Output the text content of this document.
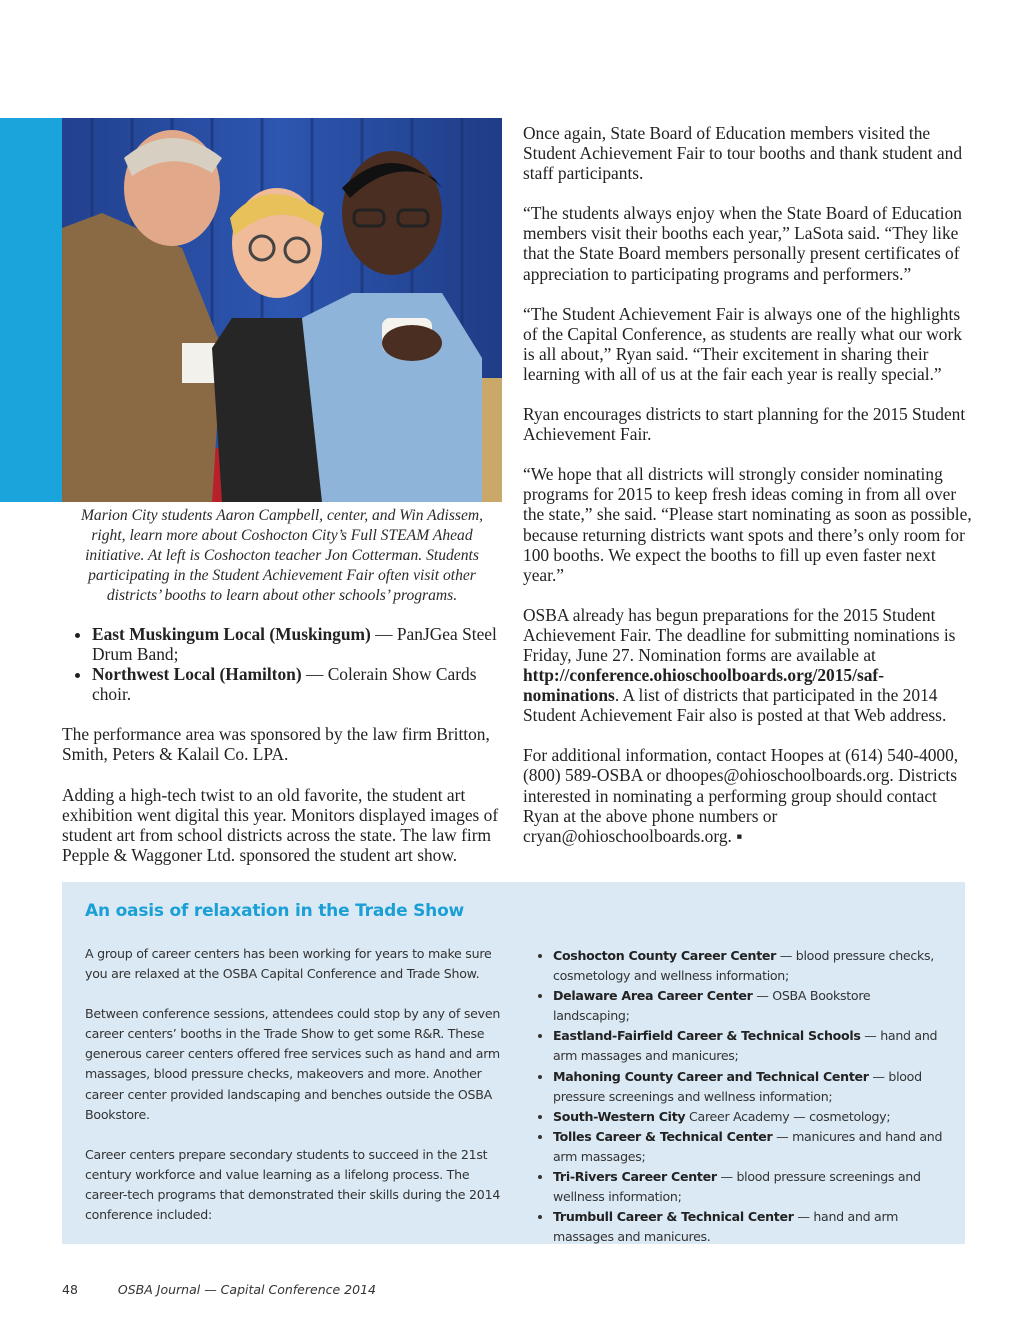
Marion City students Aaron Campbell, center, and Win Adissem, right, learn more about Coshocton City’s Full STEAM Ahead initiative. At left is Coshocton teacher Jon Cotterman. Students participating in the Student Achievement Fair often visit other districts’ booths to learn about other schools’ programs.

• East Muskingum Local (Muskingum) — PanJGea Steel Drum Band;
• Northwest Local (Hamilton) — Colerain Show Cards choir.

The performance area was sponsored by the law firm Britton, Smith, Peters & Kalail Co. LPA.

Adding a high-tech twist to an old favorite, the student art exhibition went digital this year. Monitors displayed images of student art from school districts across the state. The law firm Pepple & Waggoner Ltd. sponsored the student art show.

Once again, State Board of Education members visited the Student Achievement Fair to tour booths and thank student and staff participants.

“The students always enjoy when the State Board of Education members visit their booths each year,” LaSota said. “They like that the State Board members personally present certificates of appreciation to participating programs and performers.”

“The Student Achievement Fair is always one of the highlights of the Capital Conference, as students are really what our work is all about,” Ryan said. “Their excitement in sharing their learning with all of us at the fair each year is really special.”

Ryan encourages districts to start planning for the 2015 Student Achievement Fair.

“We hope that all districts will strongly consider nominating programs for 2015 to keep fresh ideas coming in from all over the state,” she said. “Please start nominating as soon as possible, because returning districts want spots and there’s only room for 100 booths. We expect the booths to fill up even faster next year.”

OSBA already has begun preparations for the 2015 Student Achievement Fair. The deadline for submitting nominations is Friday, June 27. Nomination forms are available at http://conference.ohioschoolboards.org/2015/saf-nominations. A list of districts that participated in the 2014 Student Achievement Fair also is posted at that Web address.

For additional information, contact Hoopes at (614) 540-4000, (800) 589-OSBA or dhoopes@ohioschoolboards.org. Districts interested in nominating a performing group should contact Ryan at the above phone numbers or cryan@ohioschoolboards.org. ▪

An oasis of relaxation in the Trade Show

A group of career centers has been working for years to make sure you are relaxed at the OSBA Capital Conference and Trade Show.

Between conference sessions, attendees could stop by any of seven career centers’ booths in the Trade Show to get some R&R. These generous career centers offered free services such as hand and arm massages, blood pressure checks, makeovers and more. Another career center provided landscaping and benches outside the OSBA Bookstore.

Career centers prepare secondary students to succeed in the 21st century workforce and value learning as a lifelong process. The career-tech programs that demonstrated their skills during the 2014 conference included:

• Coshocton County Career Center — blood pressure checks, cosmetology and wellness information;
• Delaware Area Career Center — OSBA Bookstore landscaping;
• Eastland-Fairfield Career & Technical Schools — hand and arm massages and manicures;
• Mahoning County Career and Technical Center — blood pressure screenings and wellness information;
• South-Western City Career Academy — cosmetology;
• Tolles Career & Technical Center — manicures and hand and arm massages;
• Tri-Rivers Career Center — blood pressure screenings and wellness information;
• Trumbull Career & Technical Center — hand and arm massages and manicures.
48	OSBA Journal — Capital Conference 2014
